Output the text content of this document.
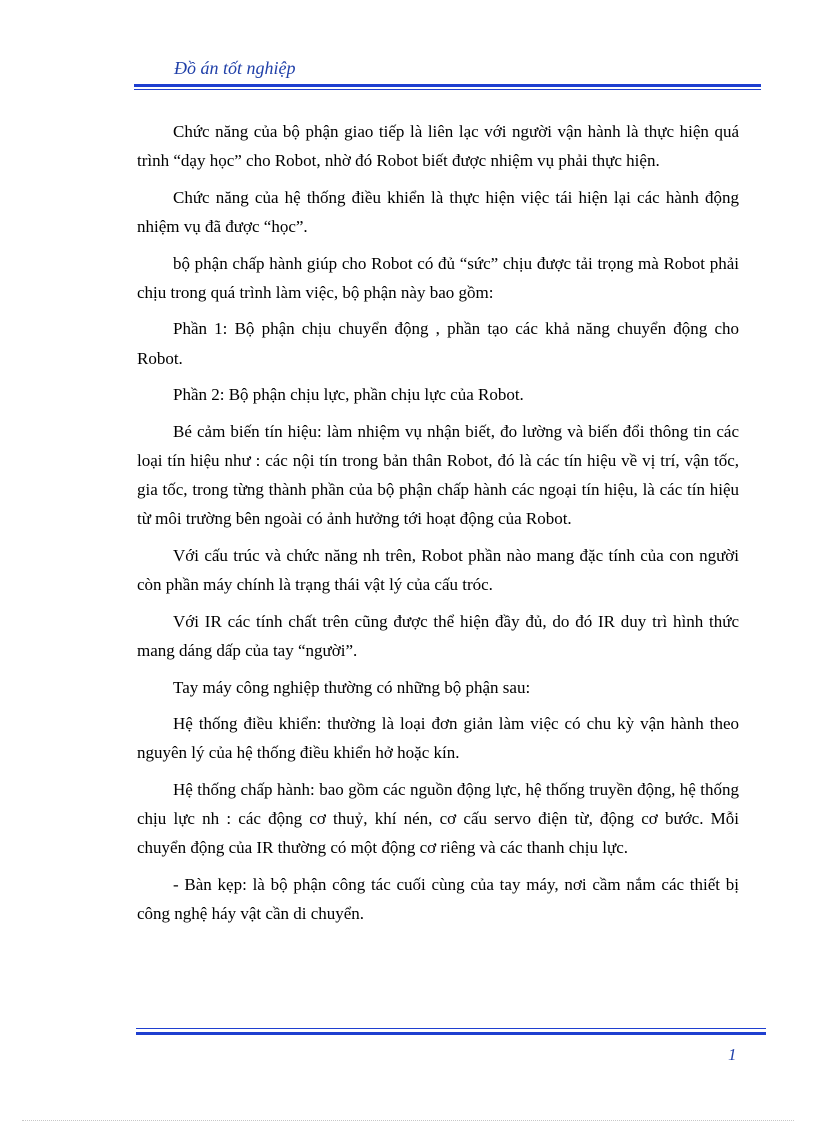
Đồ án tốt nghiệp

Chức năng của bộ phận giao tiếp là liên lạc với người vận hành là thực hiện quá trình “dạy học” cho Robot, nhờ đó Robot biết được nhiệm vụ phải thực hiện.

Chức năng của hệ thống điều khiển là thực hiện việc tái hiện lại các hành động nhiệm vụ đã được “học”.

bộ phận chấp hành giúp cho Robot có đủ “sức” chịu được tải trọng mà Robot phải chịu trong quá trình làm việc, bộ phận này bao gồm:

Phần 1: Bộ phận chịu chuyển động , phần tạo các khả năng chuyển động cho Robot.

Phần 2: Bộ phận chịu lực, phần chịu lực của Robot.

Bé cảm biến tín hiệu: làm nhiệm vụ nhận biết, đo lường và biến đổi thông tin các loại tín hiệu như : các nội tín trong bản thân Robot, đó là các tín hiệu về vị trí, vận tốc, gia tốc, trong từng thành phần của bộ phận chấp hành các ngoại tín hiệu, là các tín hiệu từ môi trường bên ngoài có ảnh hưởng tới hoạt động của Robot.

Với cấu trúc và chức năng nh trên, Robot phần nào mang đặc tính của con người còn phần máy chính là trạng thái vật lý của cấu tróc.

Với IR các tính chất trên cũng được thể hiện đầy đủ, do đó IR duy trì hình thức mang dáng dấp của tay “người”.

Tay máy công nghiệp thường có những bộ phận sau:

Hệ thống điều khiển: thường là loại đơn giản làm việc có chu kỳ vận hành theo nguyên lý của hệ thống điều khiển hở hoặc kín.

Hệ thống chấp hành: bao gồm các nguồn động lực, hệ thống truyền động, hệ thống chịu lực nh : các động cơ thuỷ, khí nén, cơ cấu servo điện từ, động cơ bước. Mỗi chuyển động của IR thường có một động cơ riêng và các thanh chịu lực.

- Bàn kẹp: là bộ phận công tác cuối cùng của tay máy, nơi cầm nắm các thiết bị công nghệ háy vật cần di chuyển.

1
